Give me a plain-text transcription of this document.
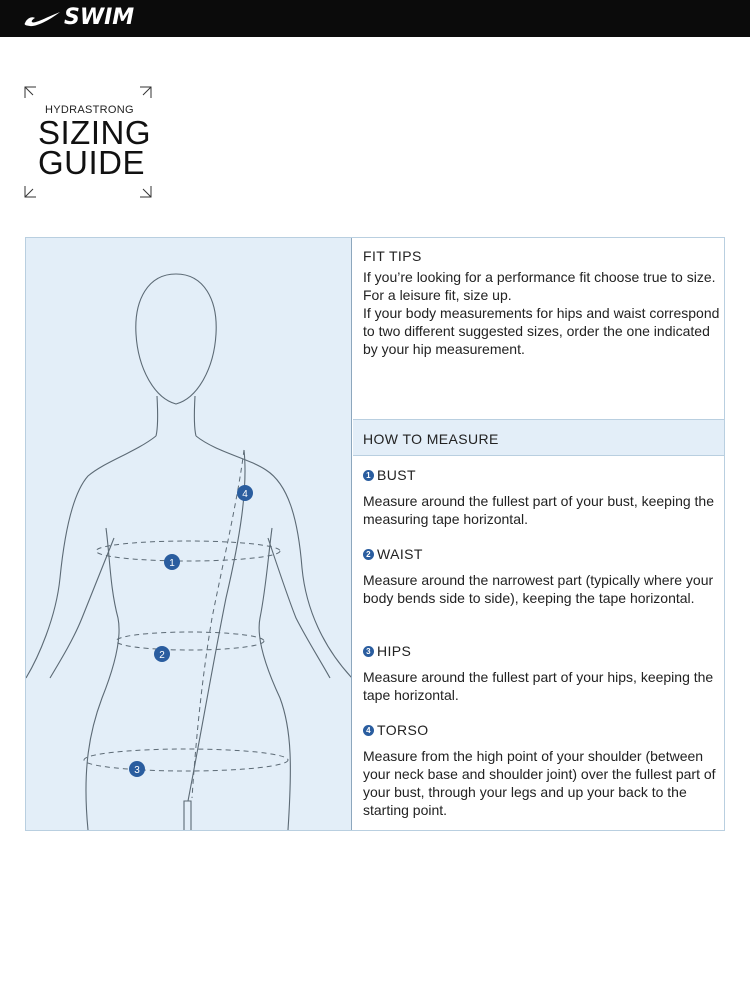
SWIM
HYDRASTRONG
SIZING
GUIDE
1
2
3
4
FIT TIPS

If you’re looking for a performance fit choose true to size. For a leisure fit, size up.

If your body measurements for hips and waist correspond to two different suggested sizes, order the one indicated by your hip measurement.

HOW TO MEASURE
1 BUST
Measure around the fullest part of your bust, keeping the measuring tape horizontal.
2 WAIST
Measure around the narrowest part (typically where your body bends side to side), keeping the tape horizontal.
3 HIPS
Measure around the fullest part of your hips, keeping the tape horizontal.
4 TORSO
Measure from the high point of your shoulder (between your neck base and shoulder joint) over the fullest part of your bust, through your legs and up your back to the starting point.
